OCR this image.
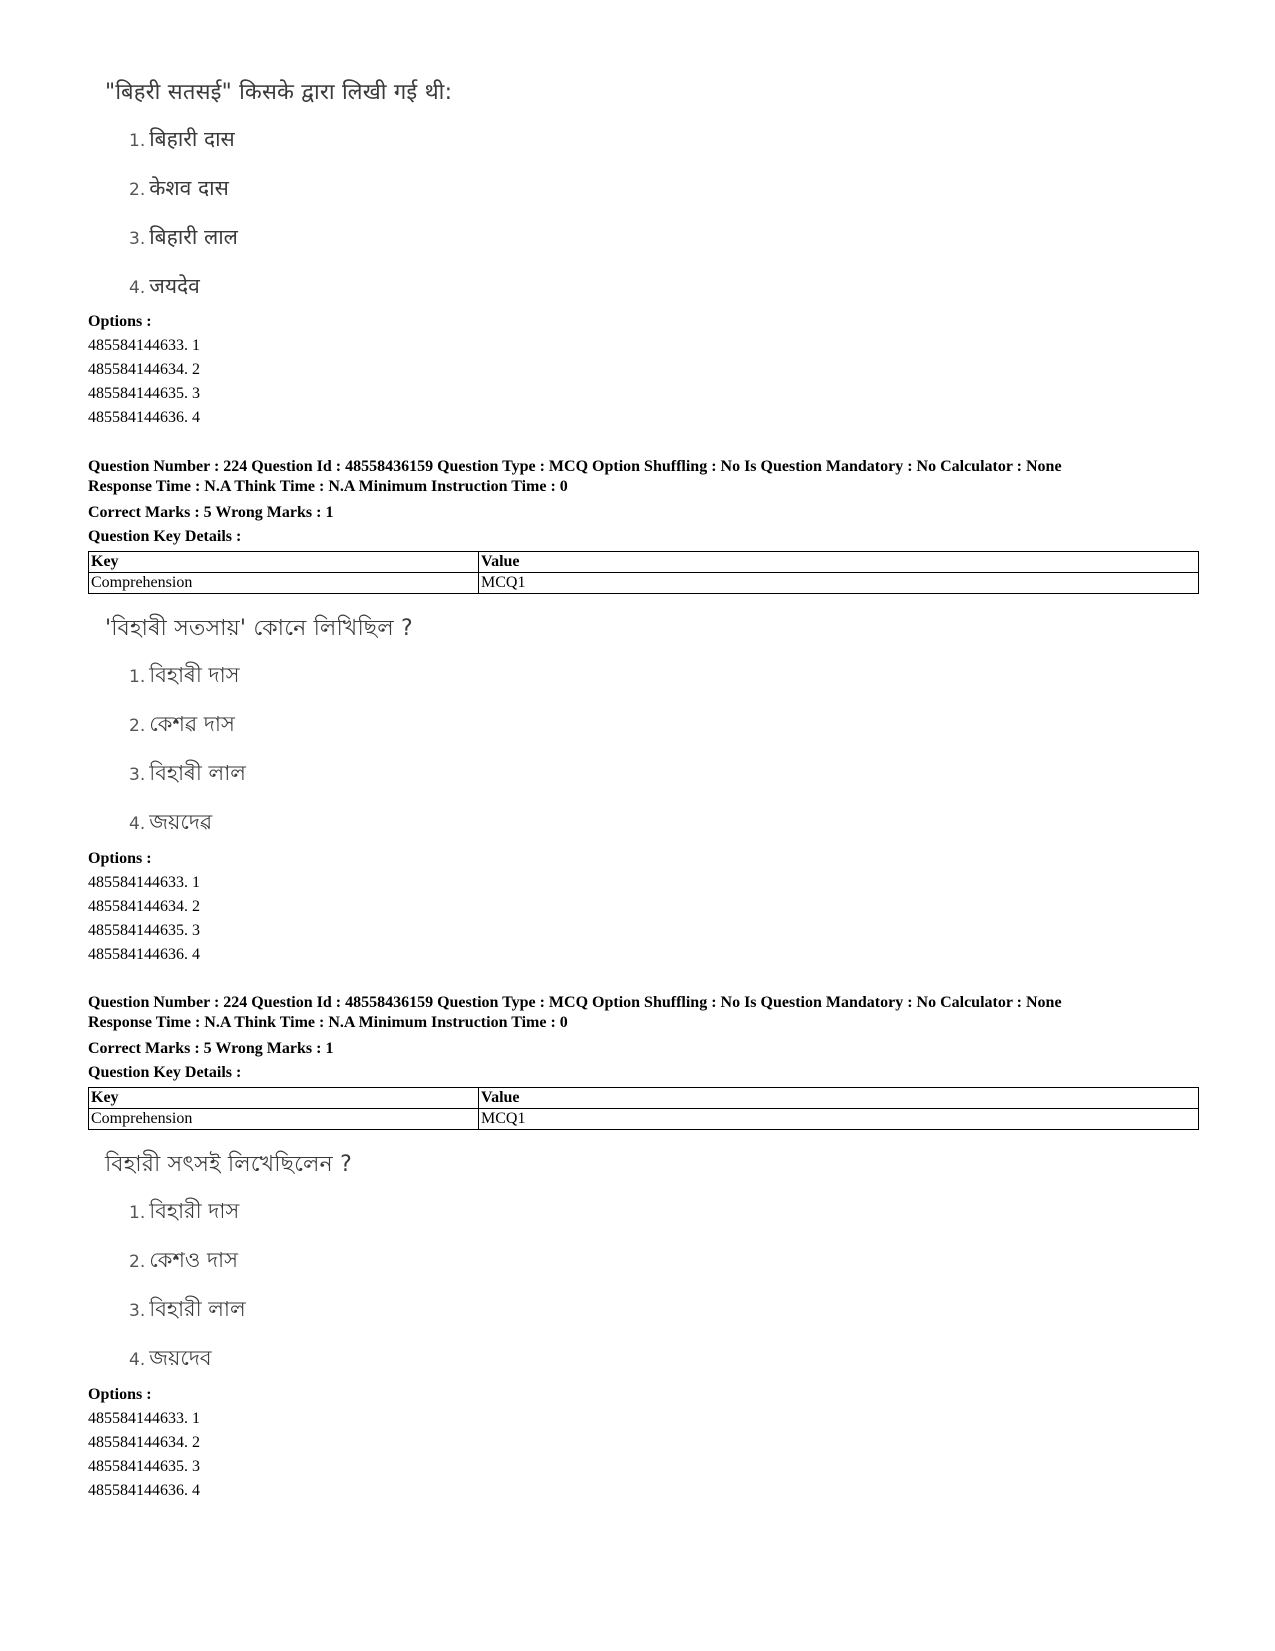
"बिहरी सतसई" किसके द्वारा लिखी गई थी:
1. बिहारी दास
2. केशव दास
3. बिहारी लाल
4. जयदेव
Options :
485584144633. 1
485584144634. 2
485584144635. 3
485584144636. 4
Question Number : 224 Question Id : 48558436159 Question Type : MCQ Option Shuffling : No Is Question Mandatory : No Calculator : None
Response Time : N.A Think Time : N.A Minimum Instruction Time : 0
Correct Marks : 5 Wrong Marks : 1
Question Key Details :
Key	Value
Comprehension	MCQ1
'বিহাৰী সতসায়' কোনে লিখিছিল ?
1. বিহাৰী দাস
2. কেশৱ দাস
3. বিহাৰী লাল
4. জয়দেৱ
Options :
485584144633. 1
485584144634. 2
485584144635. 3
485584144636. 4
Question Number : 224 Question Id : 48558436159 Question Type : MCQ Option Shuffling : No Is Question Mandatory : No Calculator : None
Response Time : N.A Think Time : N.A Minimum Instruction Time : 0
Correct Marks : 5 Wrong Marks : 1
Question Key Details :
Key	Value
Comprehension	MCQ1
বিহারী সৎসই লিখেছিলেন ?
1. বিহারী দাস
2. কেশও দাস
3. বিহারী লাল
4. জয়দেব
Options :
485584144633. 1
485584144634. 2
485584144635. 3
485584144636. 4
